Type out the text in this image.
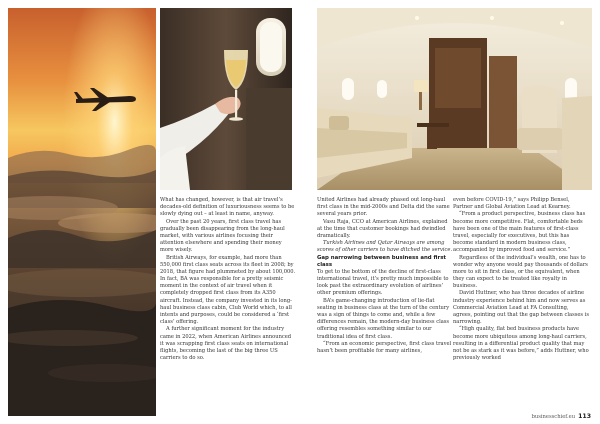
What has changed, however, is that air travel’s decades-old definition of luxuriousness seems to be slowly dying out – at least in name, anyway.

Over the past 20 years, first class travel has gradually been disappearing from the long-haul market, with various airlines focusing their attention elsewhere and spending their money more wisely.

British Airways, for example, had more than 550,000 first class seats across its fleet in 2008; by 2018, that figure had plummeted by about 100,000. In fact, BA was responsible for a pretty seismic moment in the context of air travel when it completely dropped first class from its A350 aircraft. Instead, the company invested in its long-haul business class cabin, Club World which, to all intents and purposes, could be considered a ‘first class’ offering.

A further significant moment for the industry came in 2022, when American Airlines announced it was scrapping first class seats on international flights, becoming the last of the big three US carriers to do so.

United Airlines had already phased out long-haul first class in the mid-2000s and Delta did the same several years prior.

Vasu Raja, CCO at American Airlines, explained at the time that customer bookings had dwindled dramatically.

Turkish Airlines and Qatar Airways are among scores of other carriers to have ditched the service.

Gap narrowing between business and first class

To get to the bottom of the decline of first-class international travel, it’s pretty much impossible to look past the extraordinary evolution of airlines’ other premium offerings.

BA’s game-changing introduction of lie-flat seating in business class at the turn of the century was a sign of things to come and, while a few differences remain, the modern-day business class offering resembles something similar to our traditional idea of first class.

“From an economic perspective, first class travel hasn’t been profitable for many airlines,

even before COVID-19,” says Philipp Bensel, Partner and Global Aviation Lead at Kearney.

“From a product perspective, business class has become more competitive. Flat, comfortable beds have been one of the main features of first-class travel, especially for executives, but this has become standard in modern business class, accompanied by improved food and service.”

Regardless of the individual’s wealth, one has to wonder why anyone would pay thousands of dollars more to sit in first class, or the equivalent, when they can expect to be treated like royalty in business.

David Huttner, who has three decades of airline industry experience behind him and now serves as Commercial Aviation Lead at FA Consulting, agrees, pointing out that the gap between classes is narrowing.

“High quality, flat bed business products have become more ubiquitous among long-haul carriers, resulting in a differential product quality that may not be as stark as it was before,” adds Huttner, who previously worked

businesschief.eu 113
